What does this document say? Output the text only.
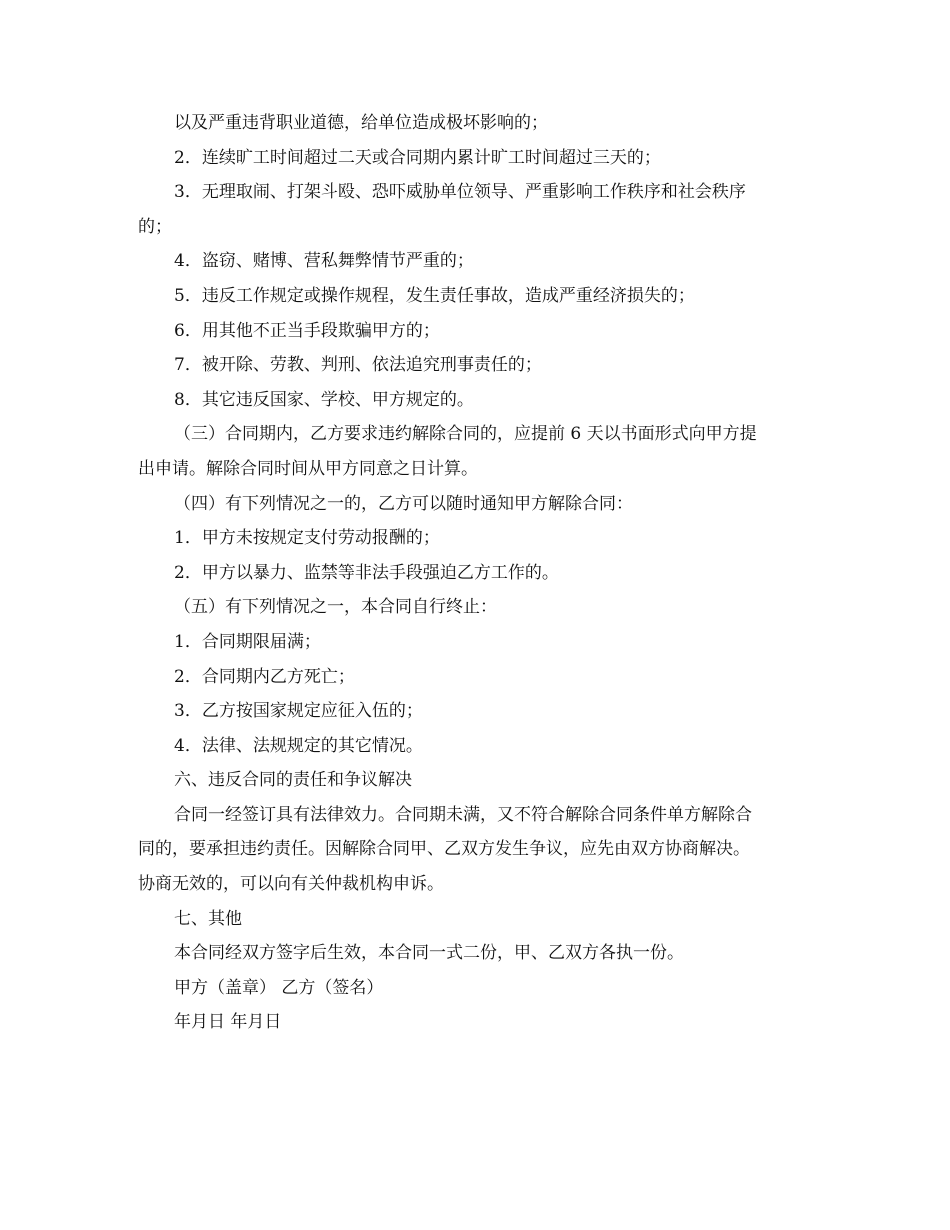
以及严重违背职业道德，给单位造成极坏影响的；
2．连续旷工时间超过二天或合同期内累计旷工时间超过三天的；
3．无理取闹、打架斗殴、恐吓威胁单位领导、严重影响工作秩序和社会秩序
的；
4．盗窃、赌博、营私舞弊情节严重的；
5．违反工作规定或操作规程，发生责任事故，造成严重经济损失的；
6．用其他不正当手段欺骗甲方的；
7．被开除、劳教、判刑、依法追究刑事责任的；
8．其它违反国家、学校、甲方规定的。
（三）合同期内，乙方要求违约解除合同的，应提前 6 天以书面形式向甲方提
出申请。解除合同时间从甲方同意之日计算。
（四）有下列情况之一的，乙方可以随时通知甲方解除合同：
1．甲方未按规定支付劳动报酬的；
2．甲方以暴力、监禁等非法手段强迫乙方工作的。
（五）有下列情况之一，本合同自行终止：
1．合同期限届满；
2．合同期内乙方死亡；
3．乙方按国家规定应征入伍的；
4．法律、法规规定的其它情况。
六、违反合同的责任和争议解决
合同一经签订具有法律效力。合同期未满，又不符合解除合同条件单方解除合
同的，要承担违约责任。因解除合同甲、乙双方发生争议，应先由双方协商解决。
协商无效的，可以向有关仲裁机构申诉。
七、其他
本合同经双方签字后生效，本合同一式二份，甲、乙双方各执一份。
甲方（盖章） 乙方（签名）
年月日 年月日
